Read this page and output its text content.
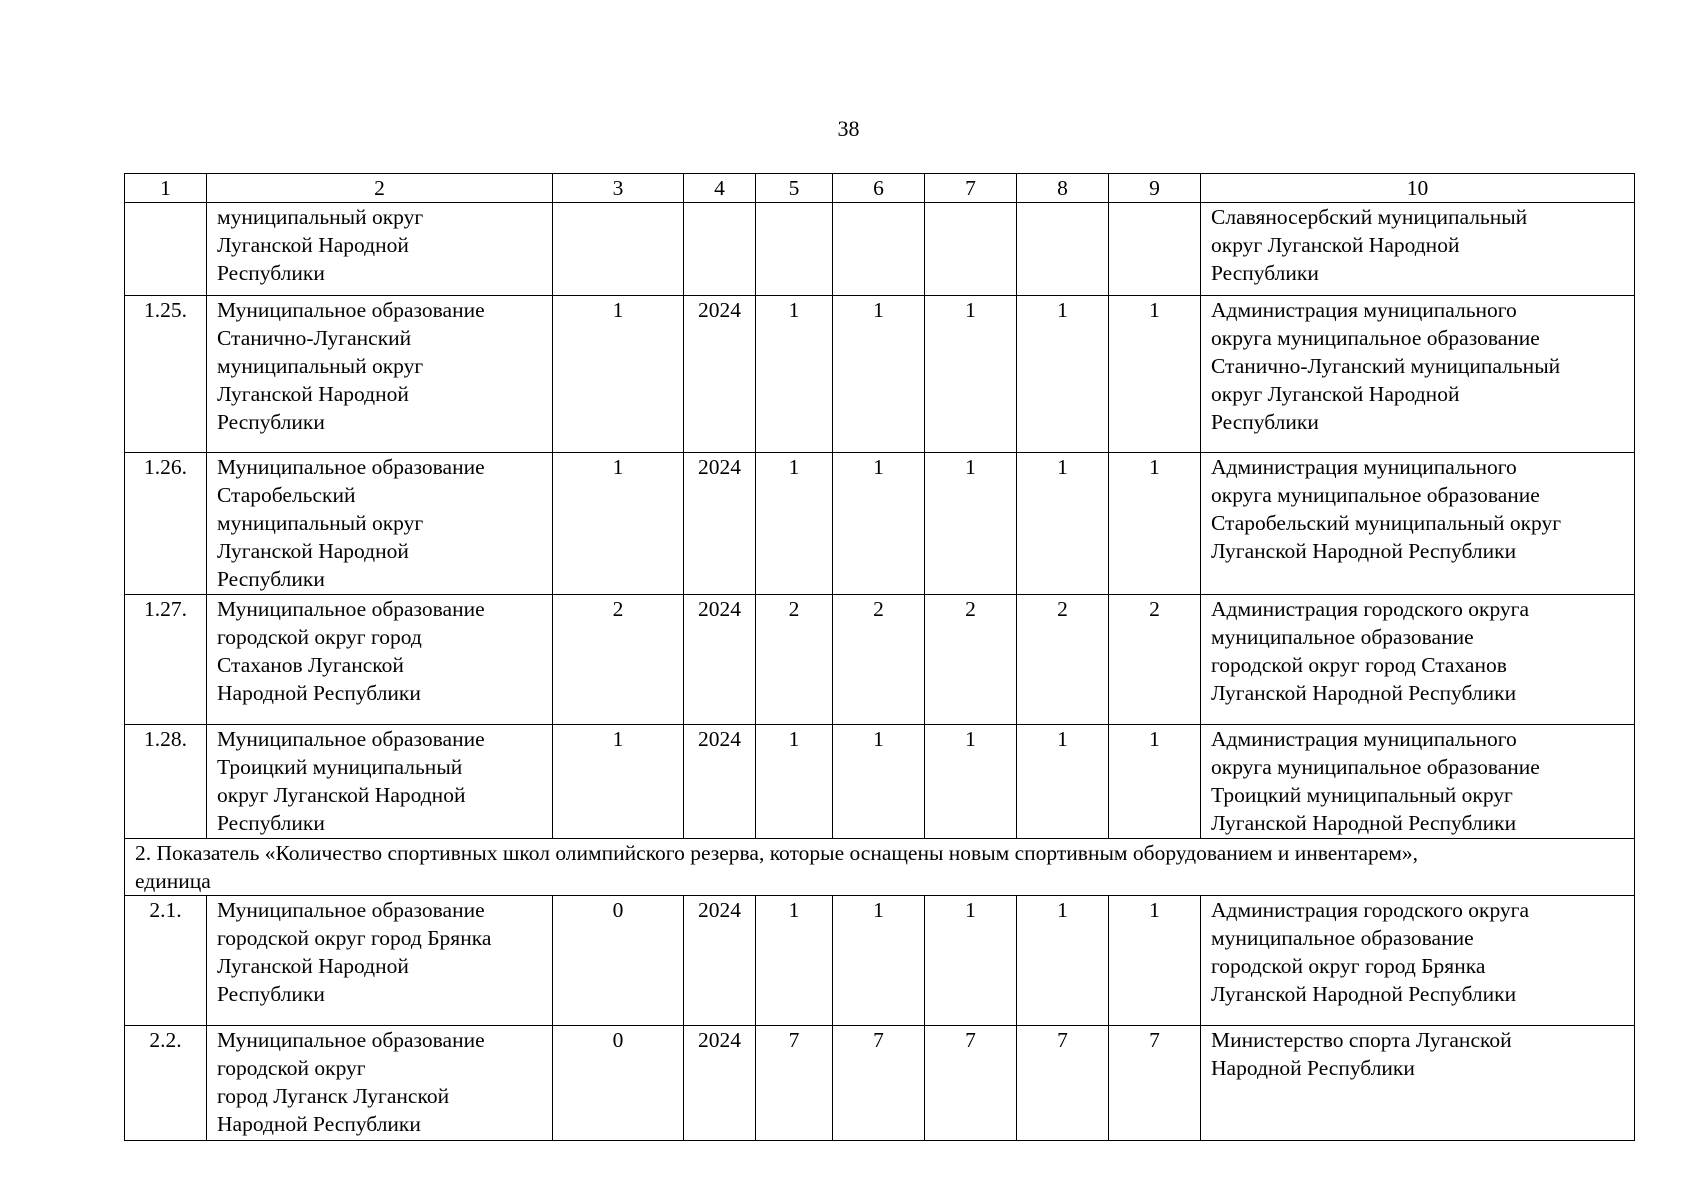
38
1	2	3	4	5	6	7	8	9	10

	муниципальный округ
Луганской Народной
Республики								Славяносербский муниципальный
округ Луганской Народной
Республики

1.25.	Муниципальное образование
Станично-Луганский
муниципальный округ
Луганской Народной
Республики	1	2024	1	1	1	1	1	Администрация муниципального
округа муниципальное образование
Станично-Луганский муниципальный
округ Луганской Народной
Республики

1.26.	Муниципальное образование
Старобельский
муниципальный округ
Луганской Народной
Республики	1	2024	1	1	1	1	1	Администрация муниципального
округа муниципальное образование
Старобельский муниципальный округ
Луганской Народной Республики

1.27.	Муниципальное образование
городской округ город
Стаханов Луганской
Народной Республики	2	2024	2	2	2	2	2	Администрация городского округа
муниципальное образование
городской округ город Стаханов
Луганской Народной Республики

1.28.	Муниципальное образование
Троицкий муниципальный
округ Луганской Народной
Республики	1	2024	1	1	1	1	1	Администрация муниципального
округа муниципальное образование
Троицкий муниципальный округ
Луганской Народной Республики

2. Показатель «Количество спортивных школ олимпийского резерва, которые оснащены новым спортивным оборудованием и инвентарем»,
единица									

2.1.	Муниципальное образование
городской округ город Брянка
Луганской Народной
Республики	0	2024	1	1	1	1	1	Администрация городского округа
муниципальное образование
городской округ город Брянка
Луганской Народной Республики

2.2.	Муниципальное образование
городской округ
город Луганск Луганской
Народной Республики	0	2024	7	7	7	7	7	Министерство спорта Луганской
Народной Республики
